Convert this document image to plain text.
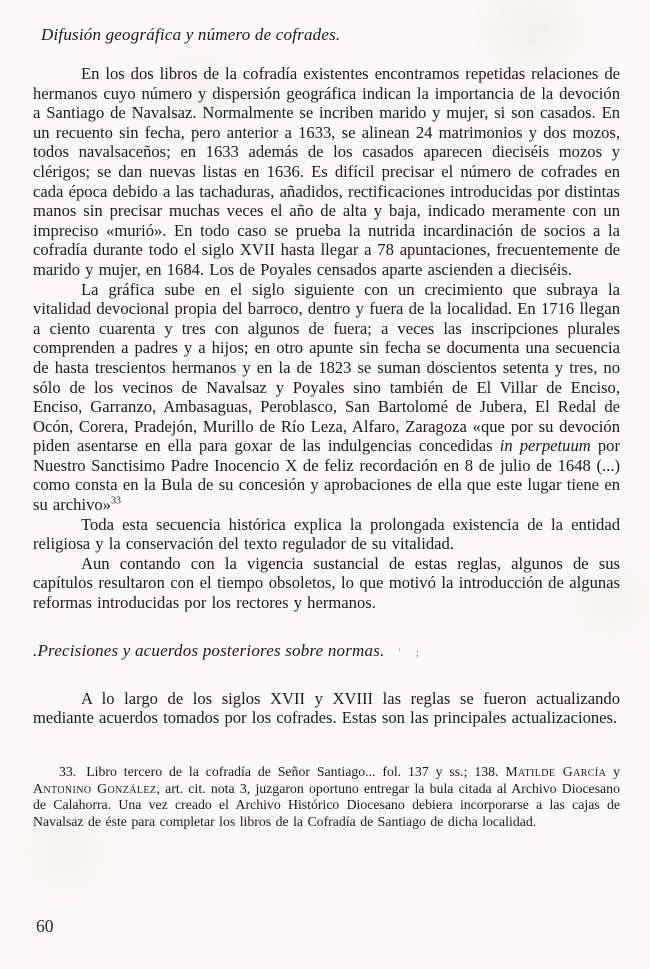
Difusión geográfica y número de cofrades.

En los dos libros de la cofradía existentes encontramos repetidas relaciones de hermanos cuyo número y dispersión geográfica indican la importancia de la devoción a Santiago de Navalsaz. Normalmente se incriben marido y mujer, si son casados. En un recuento sin fecha, pero anterior a 1633, se alinean 24 matrimonios y dos mozos, todos navalsaceños; en 1633 además de los casados aparecen dieciséis mozos y clérigos; se dan nuevas listas en 1636. Es difícil precisar el número de cofrades en cada época debido a las tachaduras, añadidos, rectificaciones introducidas por distintas manos sin precisar muchas veces el año de alta y baja, indicado meramente con un impreciso «murió». En todo caso se prueba la nutrida incardinación de socios a la cofradía durante todo el siglo XVII hasta llegar a 78 apuntaciones, frecuentemente de marido y mujer, en 1684. Los de Poyales censados aparte ascienden a dieciséis.

La gráfica sube en el siglo siguiente con un crecimiento que subraya la vitalidad devocional propia del barroco, dentro y fuera de la localidad. En 1716 llegan a ciento cuarenta y tres con algunos de fuera; a veces las inscripciones plurales comprenden a padres y a hijos; en otro apunte sin fecha se documenta una secuencia de hasta trescientos hermanos y en la de 1823 se suman doscientos setenta y tres, no sólo de los vecinos de Navalsaz y Poyales sino también de El Villar de Enciso, Enciso, Garranzo, Ambasaguas, Peroblasco, San Bartolomé de Jubera, El Redal de Ocón, Corera, Pradejón, Murillo de Río Leza, Alfaro, Zaragoza «que por su devoción piden asentarse en ella para goxar de las indulgencias concedidas in perpetuum por Nuestro Sanctisimo Padre Inocencio X de feliz recordación en 8 de julio de 1648 (...) como consta en la Bula de su concesión y aprobaciones de ella que este lugar tiene en su archivo»$^{33}$

Toda esta secuencia histórica explica la prolongada existencia de la entidad religiosa y la conservación del texto regulador de su vitalidad.

Aun contando con la vigencia sustancial de estas reglas, algunos de sus capítulos resultaron con el tiempo obsoletos, lo que motivó la introducción de algunas reformas introducidas por los rectores y hermanos.

.Precisiones y acuerdos posteriores sobre normas. ' ;

A lo largo de los siglos XVII y XVIII las reglas se fueron actualizando mediante acuerdos tomados por los cofrades. Estas son las principales actualizaciones.

33. Libro tercero de la cofradía de Señor Santiago... fol. 137 y ss.; 138. Matilde García y Antonino González, art. cit. nota 3, juzgaron oportuno entregar la bula citada al Archivo Diocesano de Calahorra. Una vez creado el Archivo Histórico Diocesano debiera incorporarse a las cajas de Navalsaz de éste para completar los libros de la Cofradía de Santiago de dicha localidad.
60
